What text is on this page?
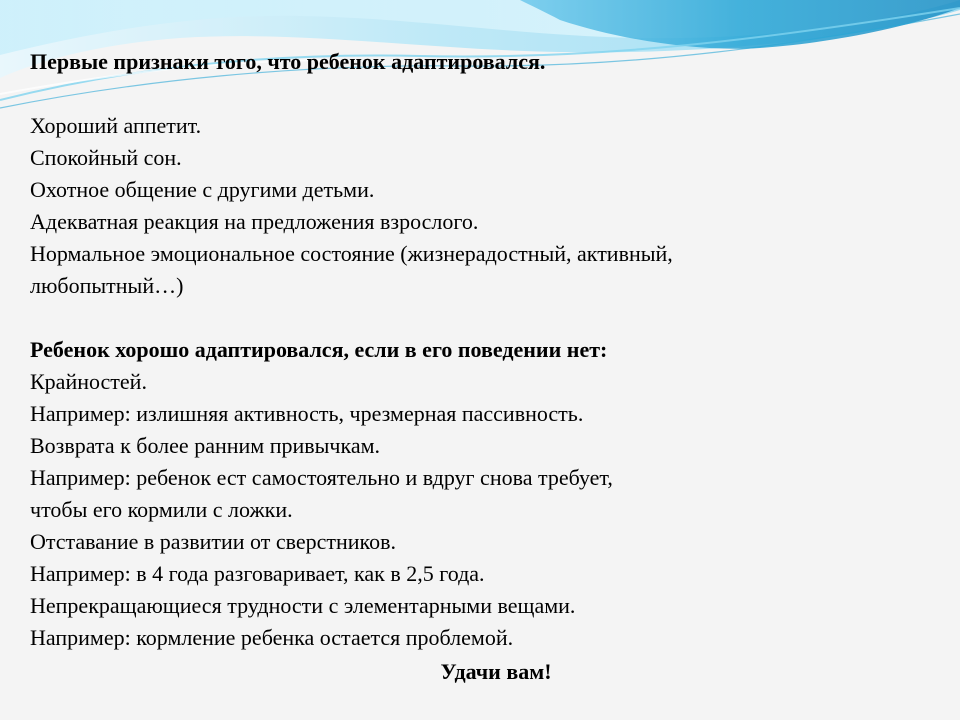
Первые признаки того, что ребенок адаптировался.
Хороший аппетит.
Спокойный сон.
Охотное общение с другими детьми.
Адекватная реакция на предложения взрослого.
Нормальное эмоциональное состояние (жизнерадостный, активный,
любопытный…)
Ребенок хорошо адаптировался, если в его поведении нет:
Крайностей.
Например: излишняя активность, чрезмерная пассивность.
Возврата к более ранним привычкам.
Например: ребенок ест самостоятельно и вдруг снова требует,
чтобы его кормили с ложки.
Отставание в развитии от сверстников.
Например: в 4 года разговаривает, как в 2,5 года.
Непрекращающиеся трудности с элементарными вещами.
Например: кормление ребенка остается проблемой.
Удачи вам!
